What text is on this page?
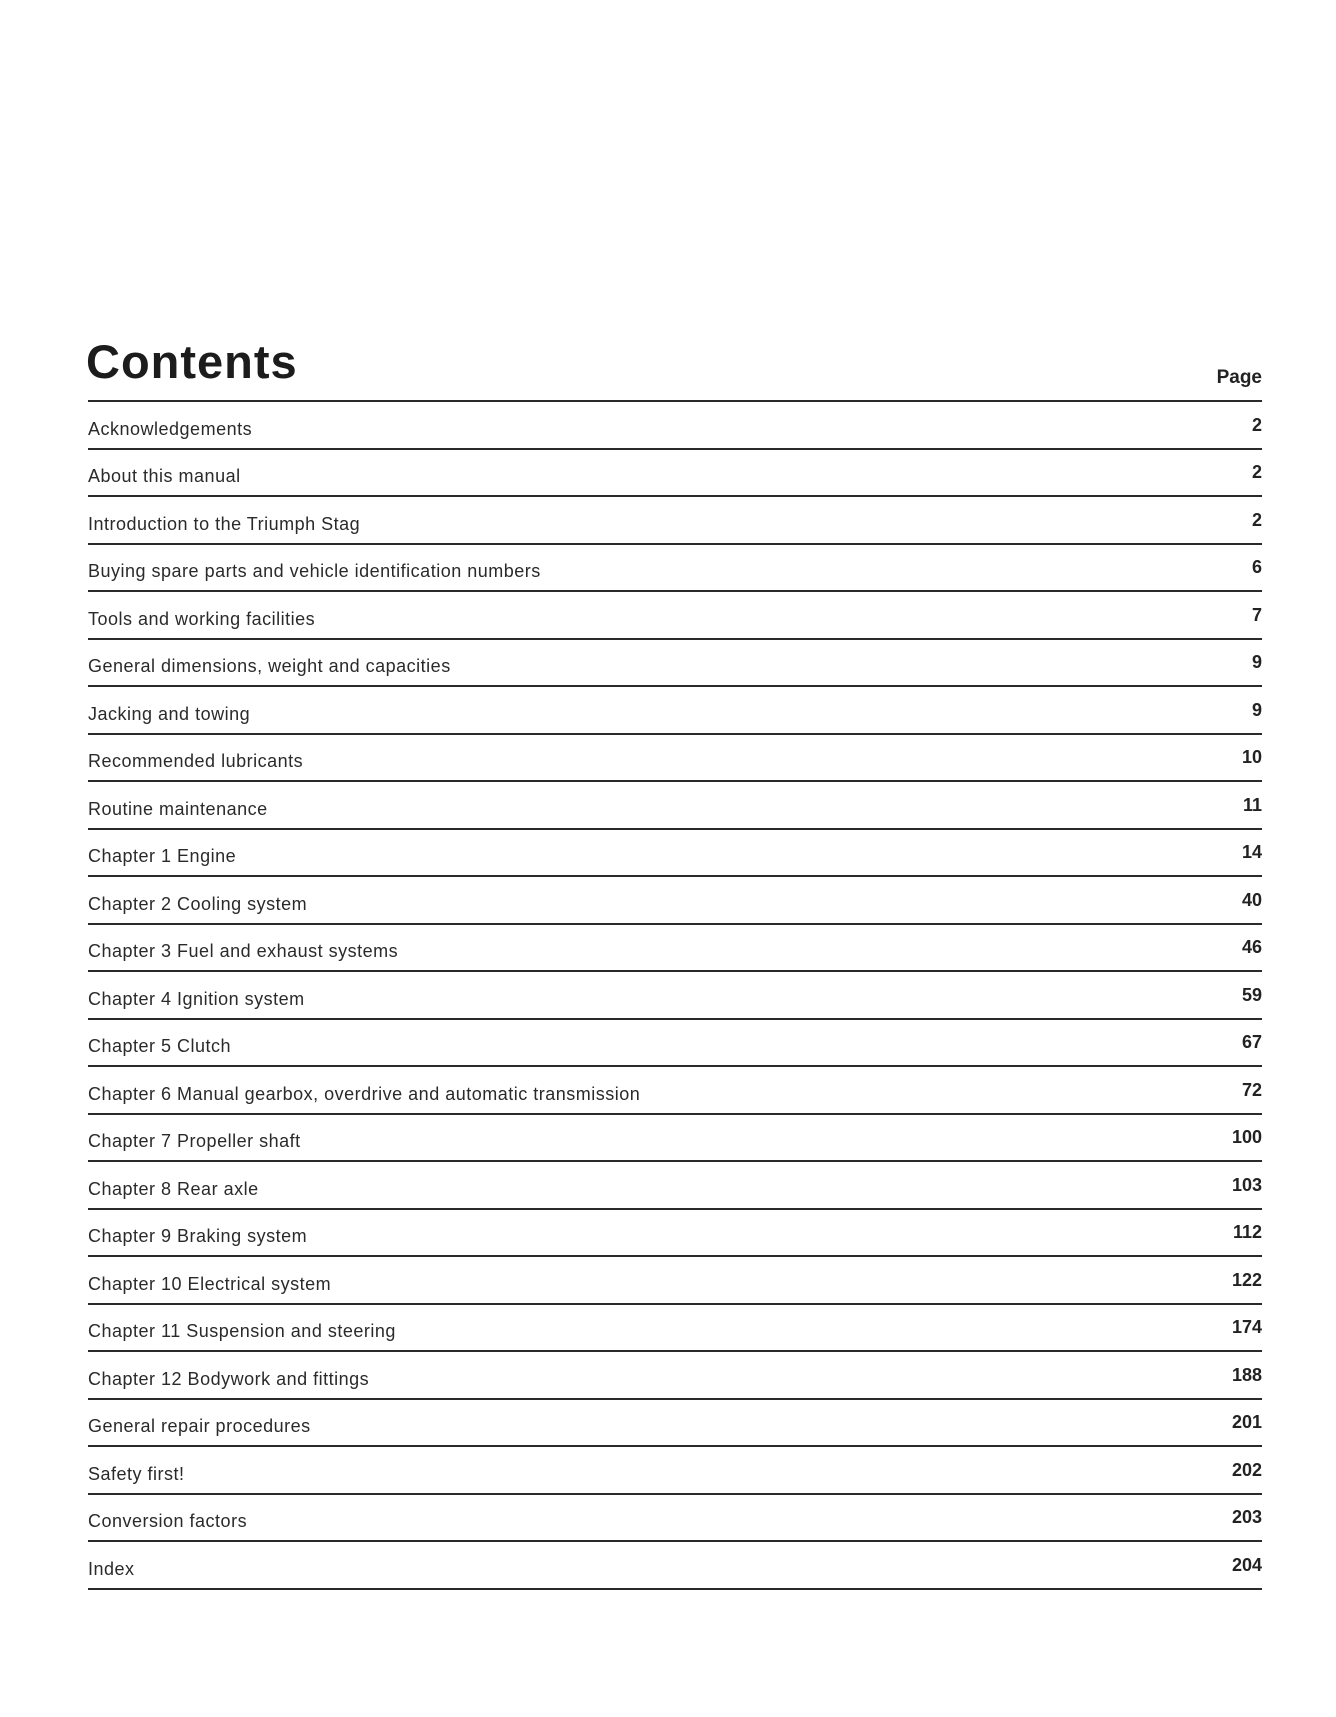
Contents	Page
Acknowledgements	2
About this manual	2
Introduction to the Triumph Stag	2
Buying spare parts and vehicle identification numbers	6
Tools and working facilities	7
General dimensions, weight and capacities	9
Jacking and towing	9
Recommended lubricants	10
Routine maintenance	11
Chapter 1 Engine	14
Chapter 2 Cooling system	40
Chapter 3 Fuel and exhaust systems	46
Chapter 4 Ignition system	59
Chapter 5 Clutch	67
Chapter 6 Manual gearbox, overdrive and automatic transmission	72
Chapter 7 Propeller shaft	100
Chapter 8 Rear axle	103
Chapter 9 Braking system	112
Chapter 10 Electrical system	122
Chapter 11 Suspension and steering	174
Chapter 12 Bodywork and fittings	188
General repair procedures	201
Safety first!	202
Conversion factors	203
Index	204
